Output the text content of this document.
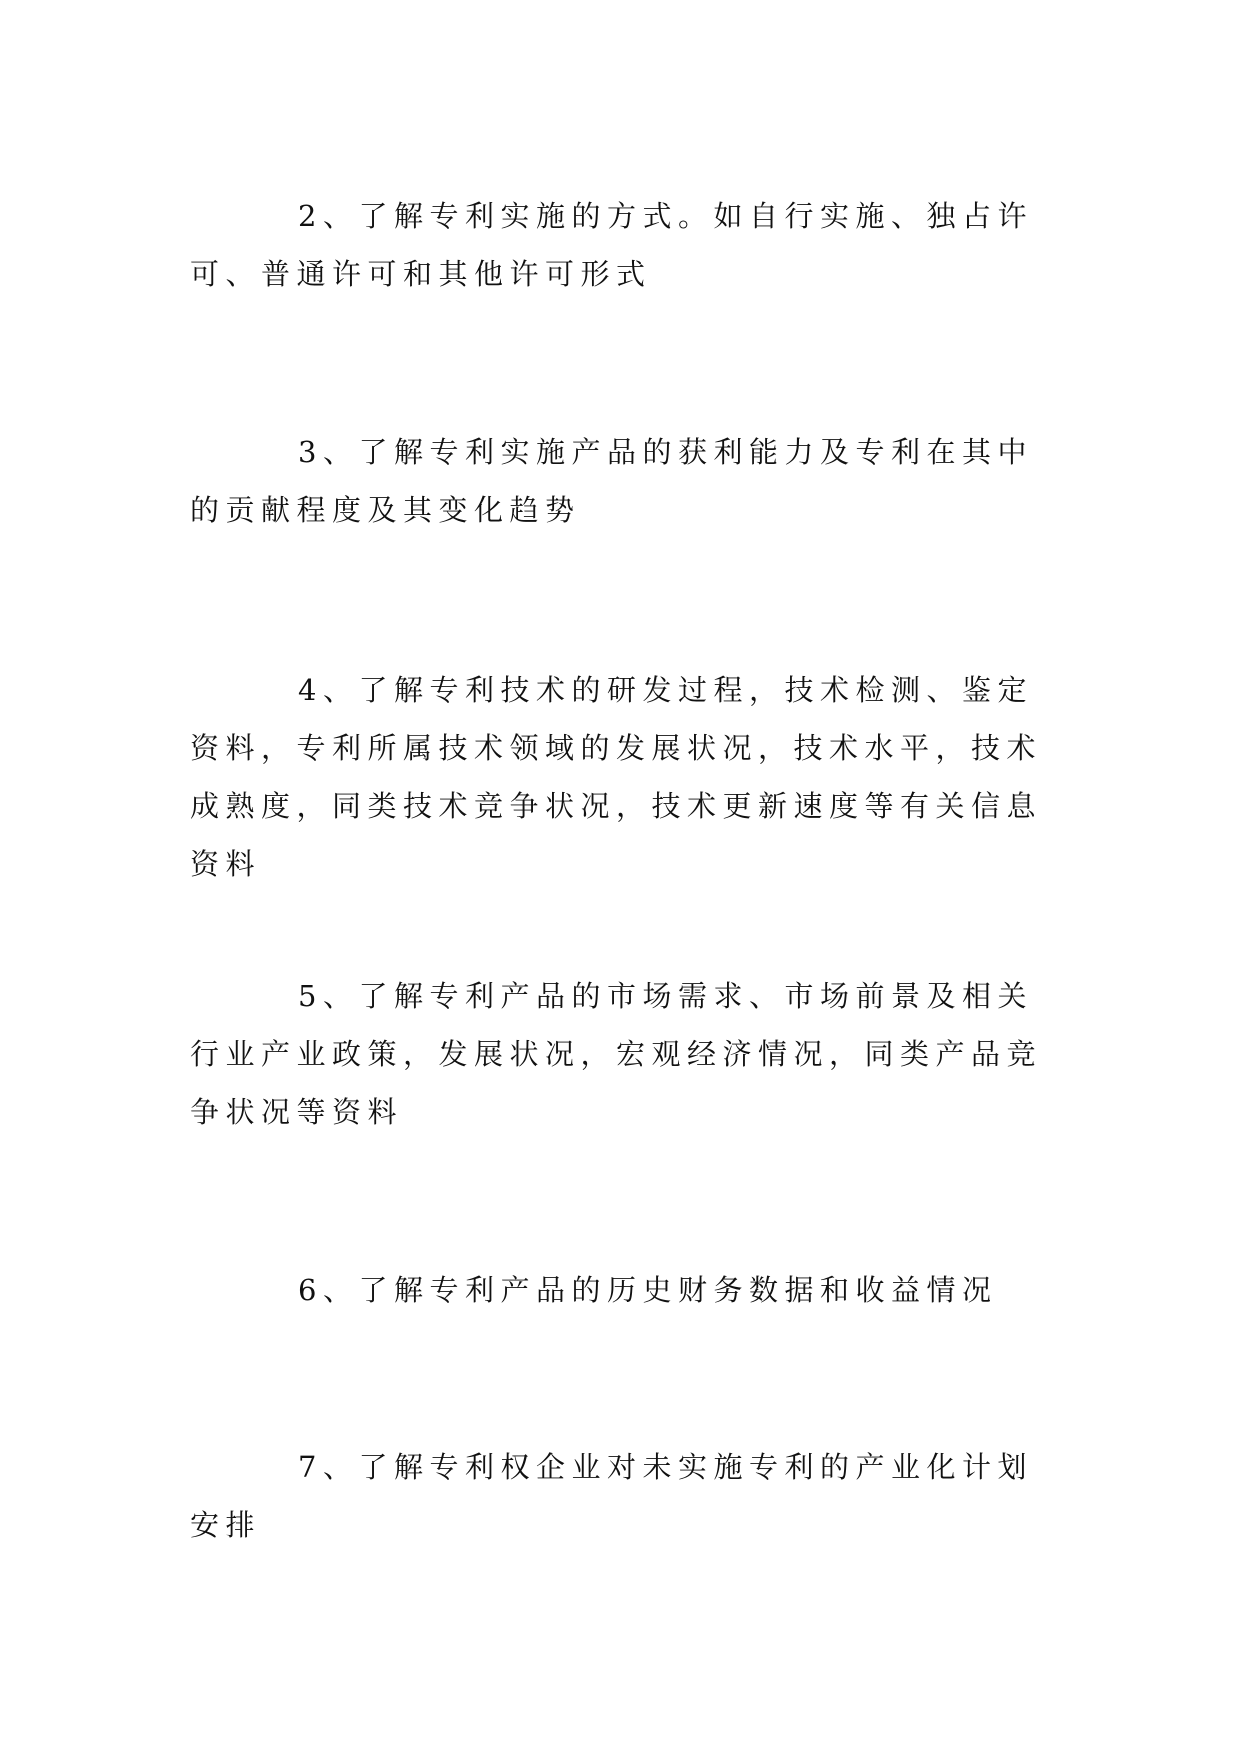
2、了解专利实施的方式。如自行实施、独占许可、普通许可和其他许可形式

3、了解专利实施产品的获利能力及专利在其中的贡献程度及其变化趋势

4、了解专利技术的研发过程，技术检测、鉴定资料，专利所属技术领域的发展状况，技术水平，技术成熟度，同类技术竞争状况，技术更新速度等有关信息资料

5、了解专利产品的市场需求、市场前景及相关行业产业政策，发展状况，宏观经济情况，同类产品竞争状况等资料

6、了解专利产品的历史财务数据和收益情况

7、了解专利权企业对未实施专利的产业化计划安排
